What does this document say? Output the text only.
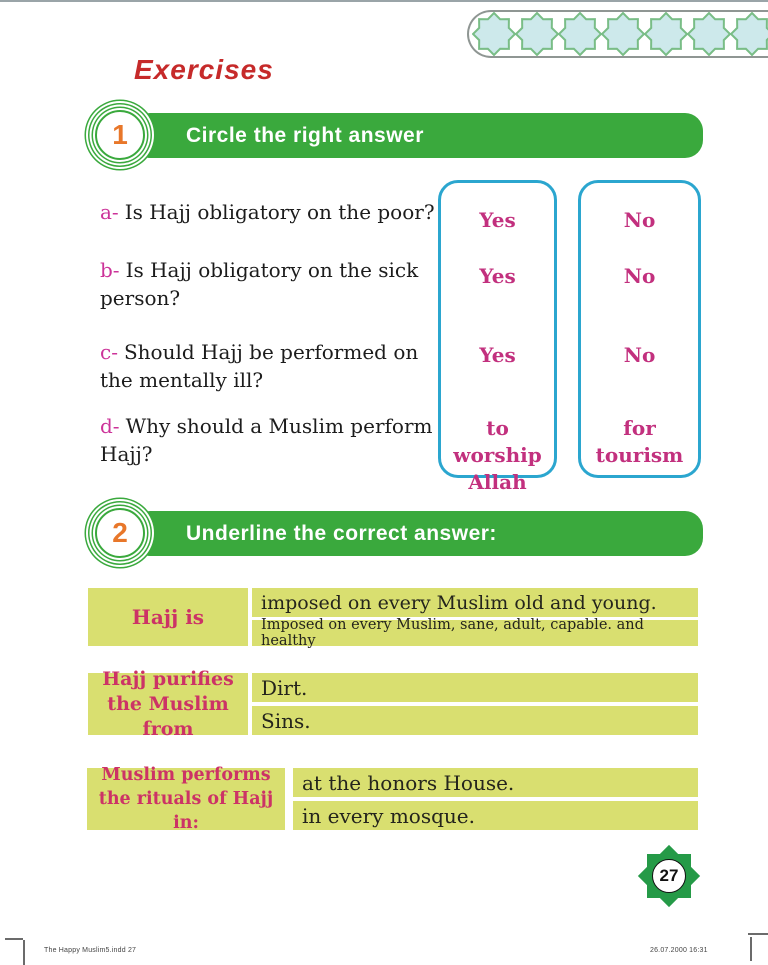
Exercises
Circle the right answer
1
a- Is Hajj obligatory on the poor?
b- Is Hajj obligatory on the sick person?
c- Should Hajj be performed on the mentally ill?
d- Why should a Muslim perform Hajj?
Yes
Yes
Yes
to worship Allah
No
No
No
for tourism
Underline the correct answer:
2
Hajj is
imposed on every Muslim old and young.
Imposed on every Muslim, sane, adult, capable. and healthy
Hajj purifies the Muslim from
Dirt.
Sins.
Muslim performs the rituals of Hajj in:
at the honors House.
in every mosque.
27
The Happy Muslim5.indd 27	26.07.2000 16:31
